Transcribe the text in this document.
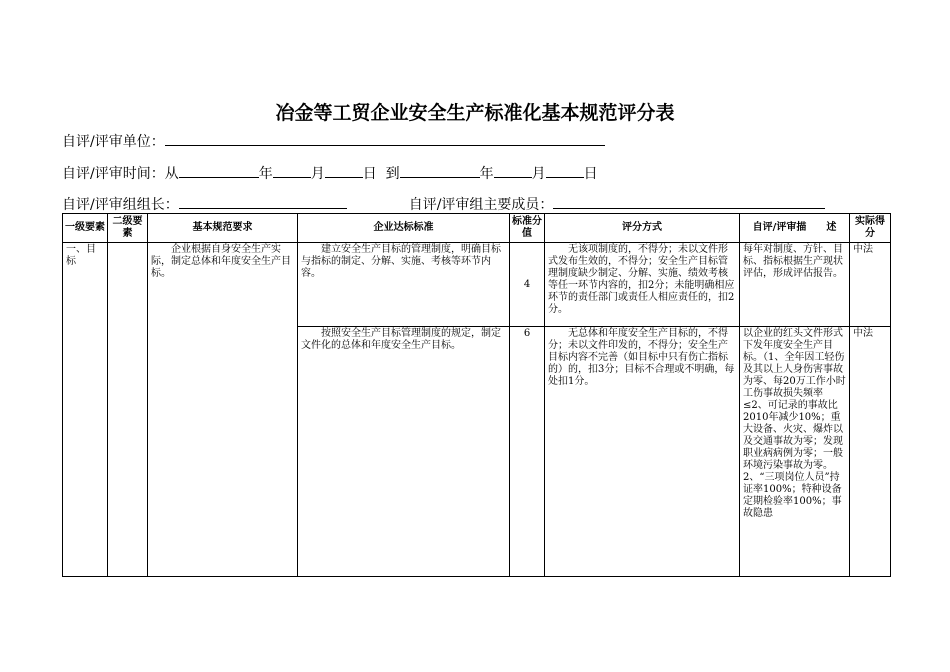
冶金等工贸企业安全生产标准化基本规范评分表
自评/评审单位：
自评/评审时间：从	年	月	日 到	年	月	日
自评/评审组组长：	自评/评审组主要成员：
一级要素	二级要素	基本规范要求	企业达标标准	标准分值	评分方式	自评/评审描　　述	实际得分
一、目标		企业根据自身安全生产实际，制定总体和年度安全生产目标。	建立安全生产目标的管理制度，明确目标与指标的制定、分解、实施、考核等环节内容。	4	无该项制度的，不得分；未以文件形式发布生效的，不得分；安全生产目标管理制度缺少制定、分解、实施、绩效考核等任一环节内容的，扣2分；未能明确相应环节的责任部门或责任人相应责任的，扣2分。	每年对制度、方针、目标、指标根据生产现状评估，形成评估报告。	中法
			按照安全生产目标管理制度的规定，制定文件化的总体和年度安全生产目标。	6	无总体和年度安全生产目标的，不得分；未以文件印发的，不得分；安全生产目标内容不完善（如目标中只有伤亡指标的）的，扣3分；目标不合理或不明确，每处扣1分。	以企业的红头文件形式下发年度安全生产目标。（1、全年因工轻伤及其以上人身伤害事故为零、每20万工作小时工伤事故损失频率≤2、可记录的事故比2010年减少10%；重大设备、火灾、爆炸以及交通事故为零；发现职业病病例为零；一般环境污染事故为零。2、“三项岗位人员”持证率100%；特种设备定期检验率100%；事故隐患	中法
